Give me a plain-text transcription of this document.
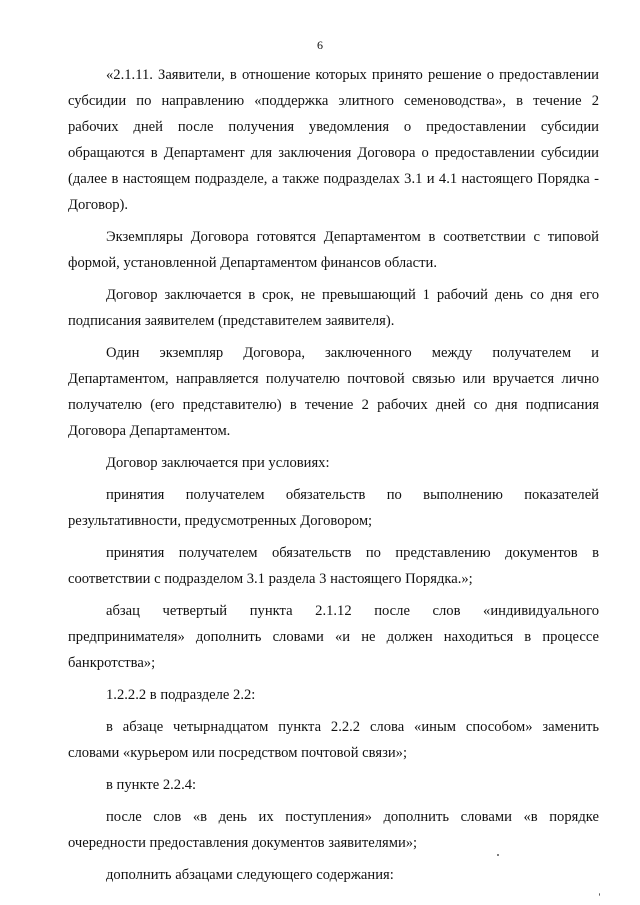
6

«2.1.11. Заявители, в отношение которых принято решение о предоставлении субсидии по направлению «поддержка элитного семеноводства», в течение 2 рабочих дней после получения уведомления о предоставлении субсидии обращаются в Департамент для заключения Договора о предоставлении субсидии (далее в настоящем подразделе, а также подразделах 3.1 и 4.1 настоящего Порядка - Договор).

Экземпляры Договора готовятся Департаментом в соответствии с типовой формой, установленной Департаментом финансов области.

Договор заключается в срок, не превышающий 1 рабочий день со дня его подписания заявителем (представителем заявителя).

Один экземпляр Договора, заключенного между получателем и Департаментом, направляется получателю почтовой связью или вручается лично получателю (его представителю) в течение 2 рабочих дней со дня подписания Договора Департаментом.

Договор заключается при условиях:

принятия получателем обязательств по выполнению показателей результативности, предусмотренных Договором;

принятия получателем обязательств по представлению документов в соответствии с подразделом 3.1 раздела 3 настоящего Порядка.»;

абзац четвертый пункта 2.1.12 после слов «индивидуального предпринимателя» дополнить словами «и не должен находиться в процессе банкротства»;

1.2.2.2 в подразделе 2.2:

в абзаце четырнадцатом пункта 2.2.2 слова «иным способом» заменить словами «курьером или посредством почтовой связи»;

в пункте 2.2.4:

после слов «в день их поступления» дополнить словами «в порядке очередности предоставления документов заявителями»;

дополнить абзацами следующего содержания:
